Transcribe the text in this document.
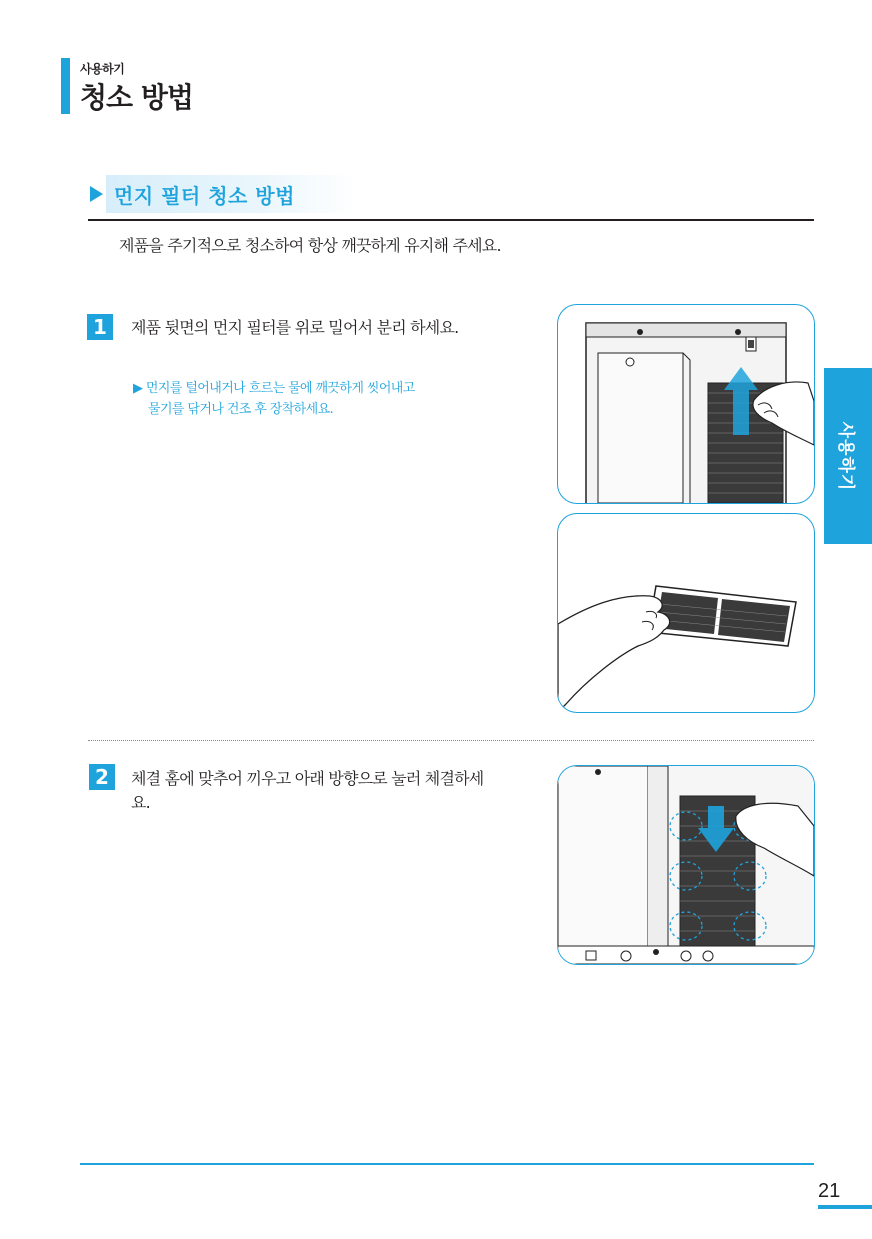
사용하기
청소 방법
먼지 필터 청소 방법
제품을 주기적으로 청소하여 항상 깨끗하게 유지해 주세요.
1	제품 뒷면의 먼지 필터를 위로 밀어서 분리 하세요.
▶ 먼지를 털어내거나 흐르는 물에 깨끗하게 씻어내고
물기를 닦거나 건조 후 장착하세요.
2	체결 홈에 맞추어 끼우고 아래 방향으로 눌러 체결하세요.
사용하기
21
